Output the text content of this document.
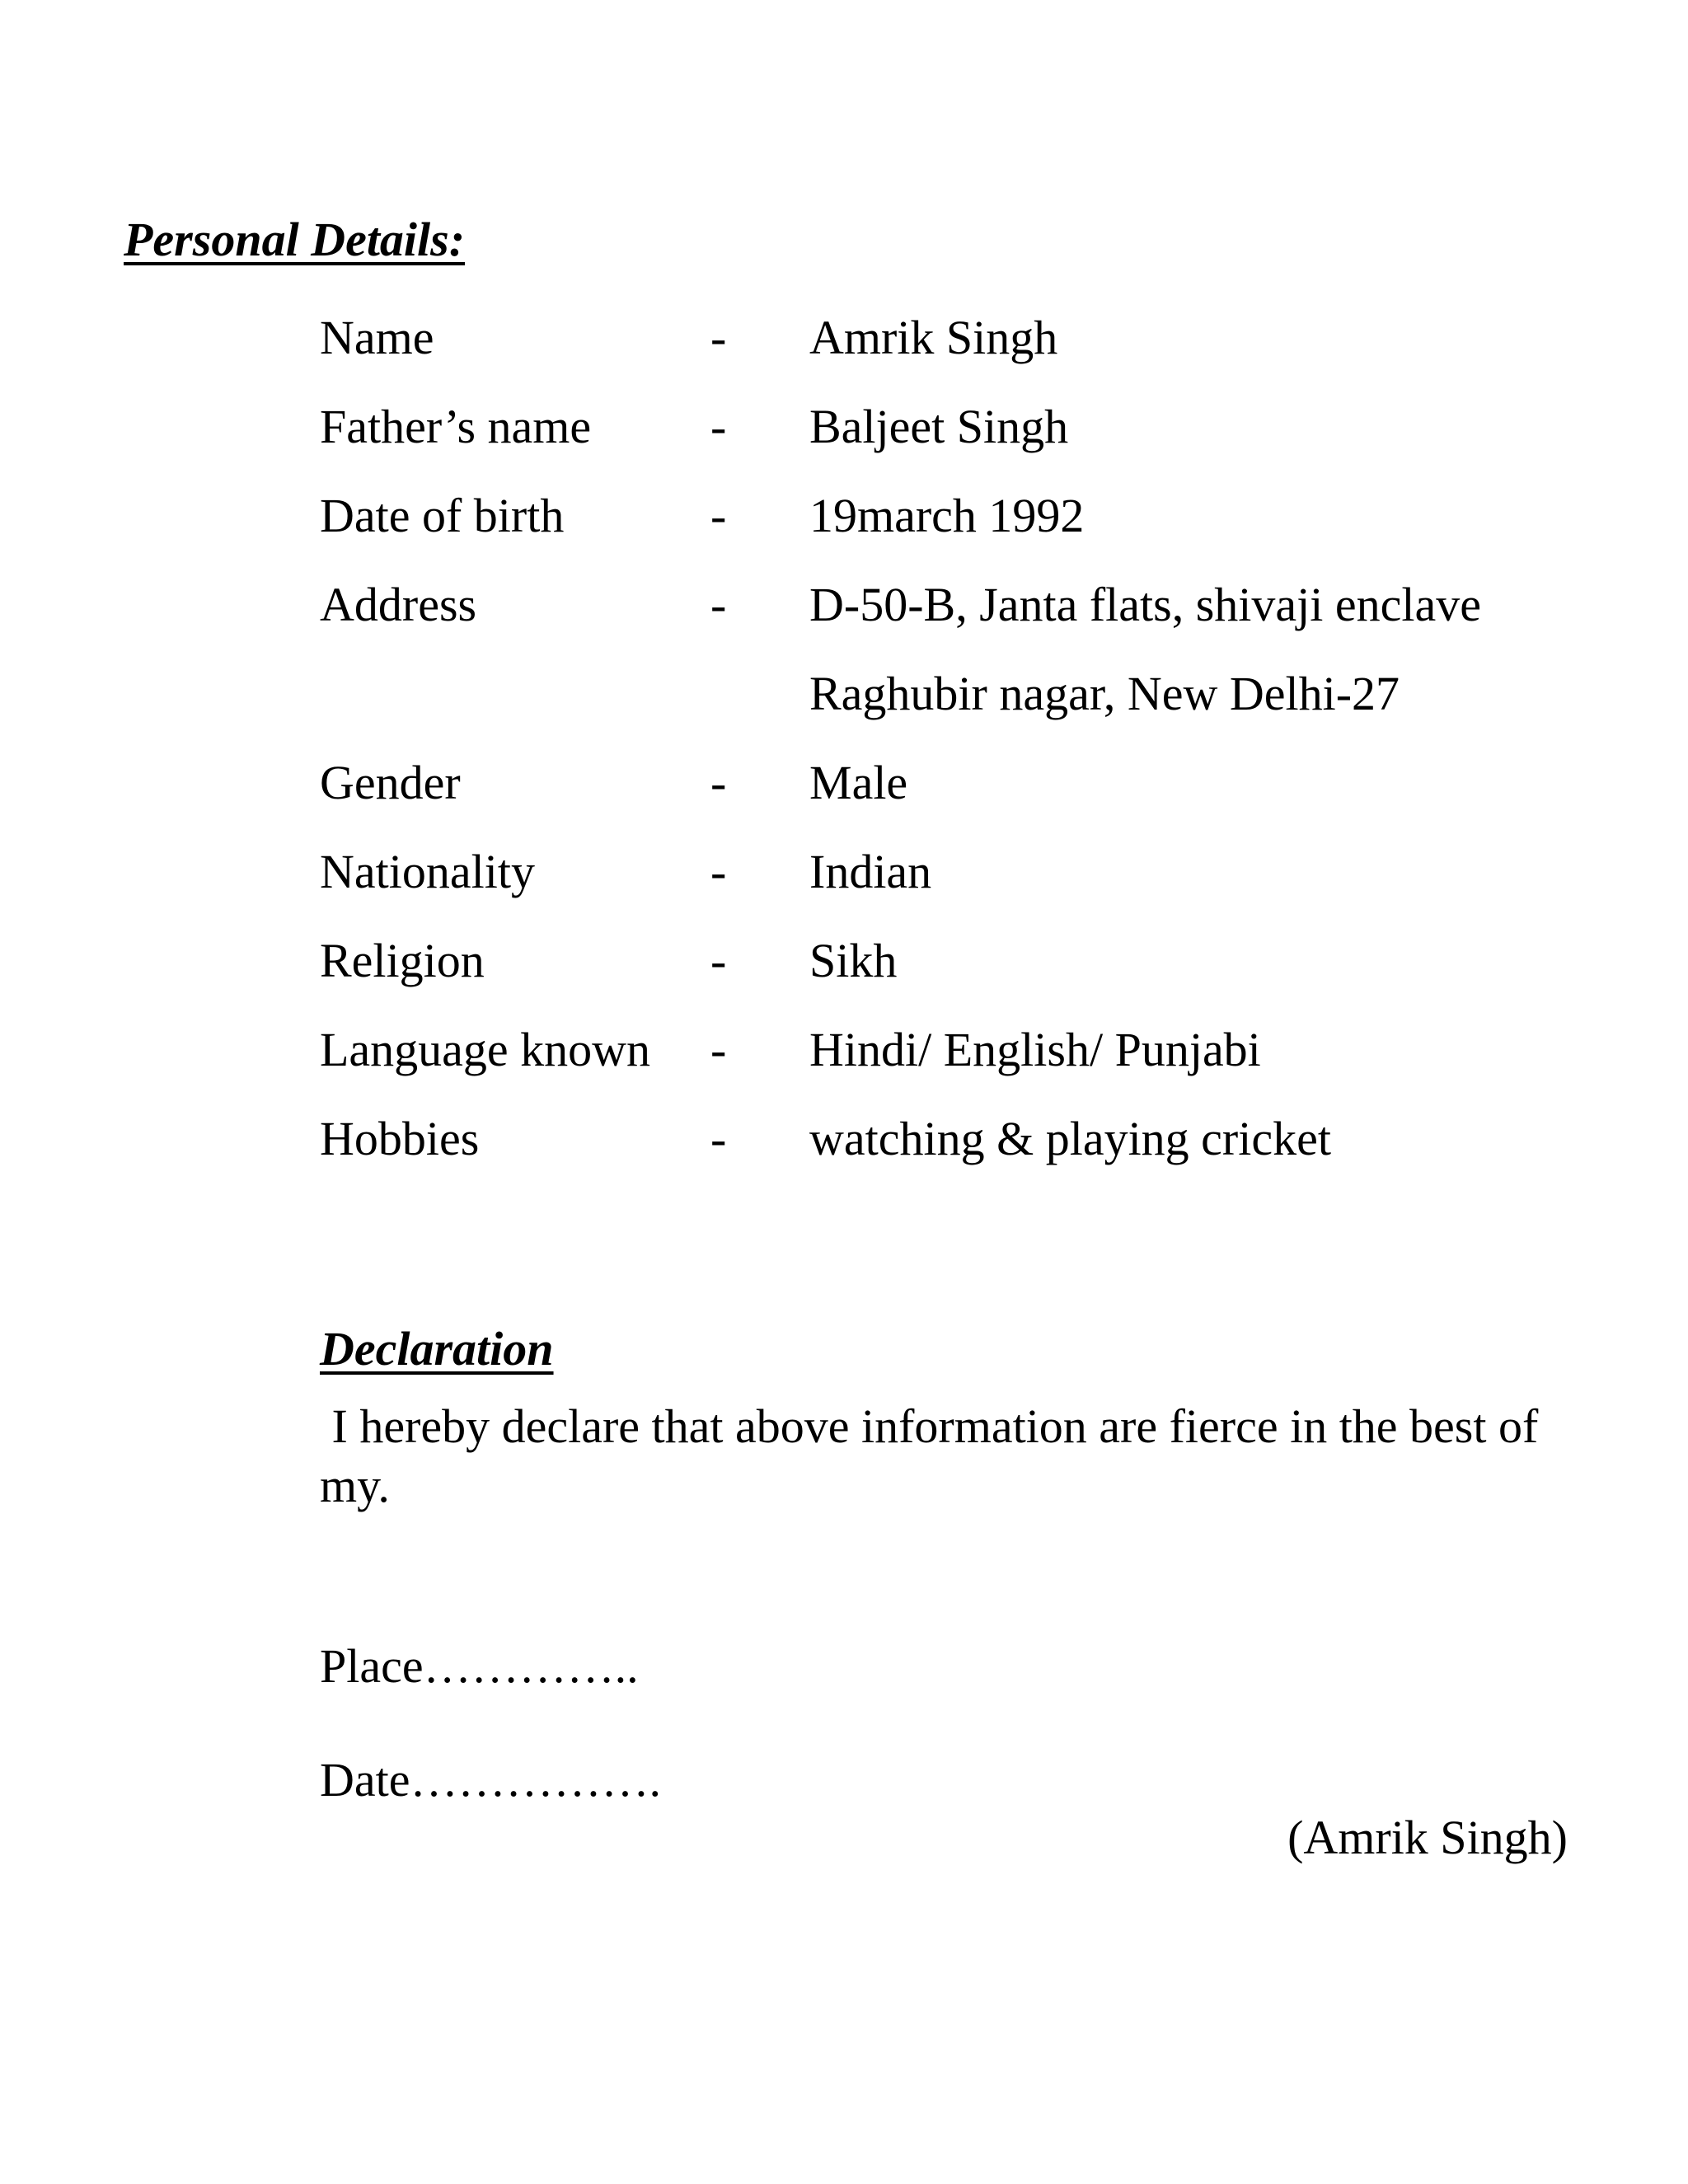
Personal Details:
Name	- Amrik Singh
Father’s name - Baljeet Singh
Date of birth	- 19march 1992
Address	- D-50-B, Janta flats, shivaji enclave
Raghubir nagar, New Delhi-27
Gender	- Male
Nationality	- Indian
Religion	- Sikh
Language known - Hindi/ English/ Punjabi
Hobbies	- watching & playing cricket
Declaration
I hereby declare that above information are fierce in the best of my.
Place…………..
Date…………….
(Amrik Singh)
